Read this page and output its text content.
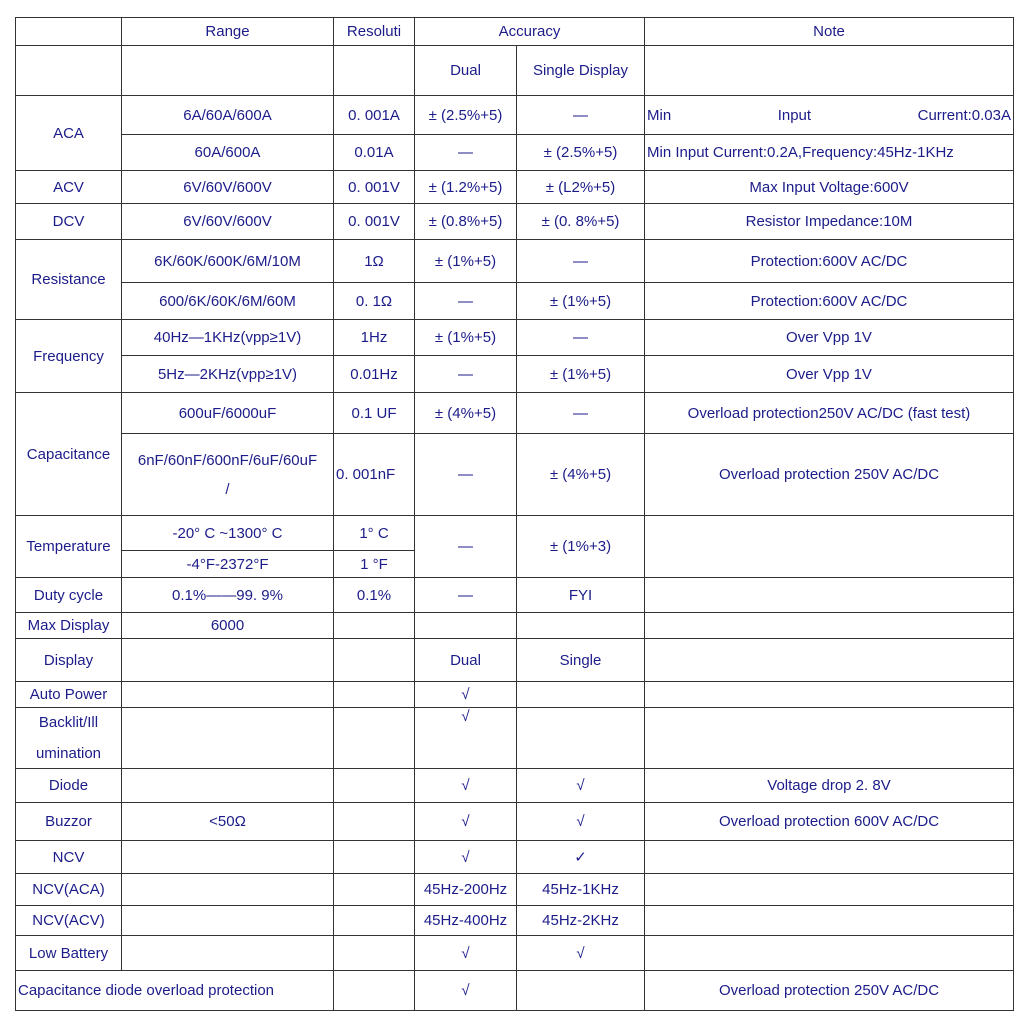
	Range	Resoluti	Accuracy		Note
			Dual	Single Display	
ACA	6A/60A/600A	0. 001A	± (2.5%+5)	—	Min Input Current:0.03A

	60A/600A	0.01A	—	± (2.5%+5)	Min Input Current:0.2A,Frequency:45Hz-1KHz
ACV	6V/60V/600V	0. 001V	± (1.2%+5)	± (L2%+5)	Max Input Voltage:600V
DCV	6V/60V/600V	0. 001V	± (0.8%+5)	± (0. 8%+5)	Resistor Impedance:10M
Resistance	6K/60K/600K/6M/10M	1Ω	± (1%+5)	—	Protection:600V AC/DC
	600/6K/60K/6M/60M	0. 1Ω	—	± (1%+5)	Protection:600V AC/DC
Frequency	40Hz—1KHz(vpp≥1V)	1Hz	± (1%+5)	—	Over Vpp 1V
	5Hz—2KHz(vpp≥1V)	0.01Hz	—	± (1%+5)	Over Vpp 1V
Capacitance	600uF/6000uF	0.1 UF	± (4%+5)	—	Overload protection250V AC/DC (fast test)

	6nF/60nF/600nF/6uF/60uF
/	0. 001nF	—	± (4%+5)	Overload protection 250V AC/DC
Temperature	-20° C ~1300° C	1° C	—	± (1%+3)	
	-4°F-2372°F	1 °F			
Duty cycle	0.1%——99. 9%	0.1%	—	FYI	
Max Display	6000				
Display			Dual	Single	
Auto Power			√		

Backlit/Ill
umination			√		
Diode			√	√	Voltage drop 2. 8V
Buzzor	<50Ω		√	√	Overload protection 600V AC/DC
NCV			√	✓	
NCV(ACA)			45Hz-200Hz	45Hz-1KHz	
NCV(ACV)			45Hz-400Hz	45Hz-2KHz	
Low Battery			√	√	
Capacitance diode overload protection			√		Overload protection 250V AC/DC
